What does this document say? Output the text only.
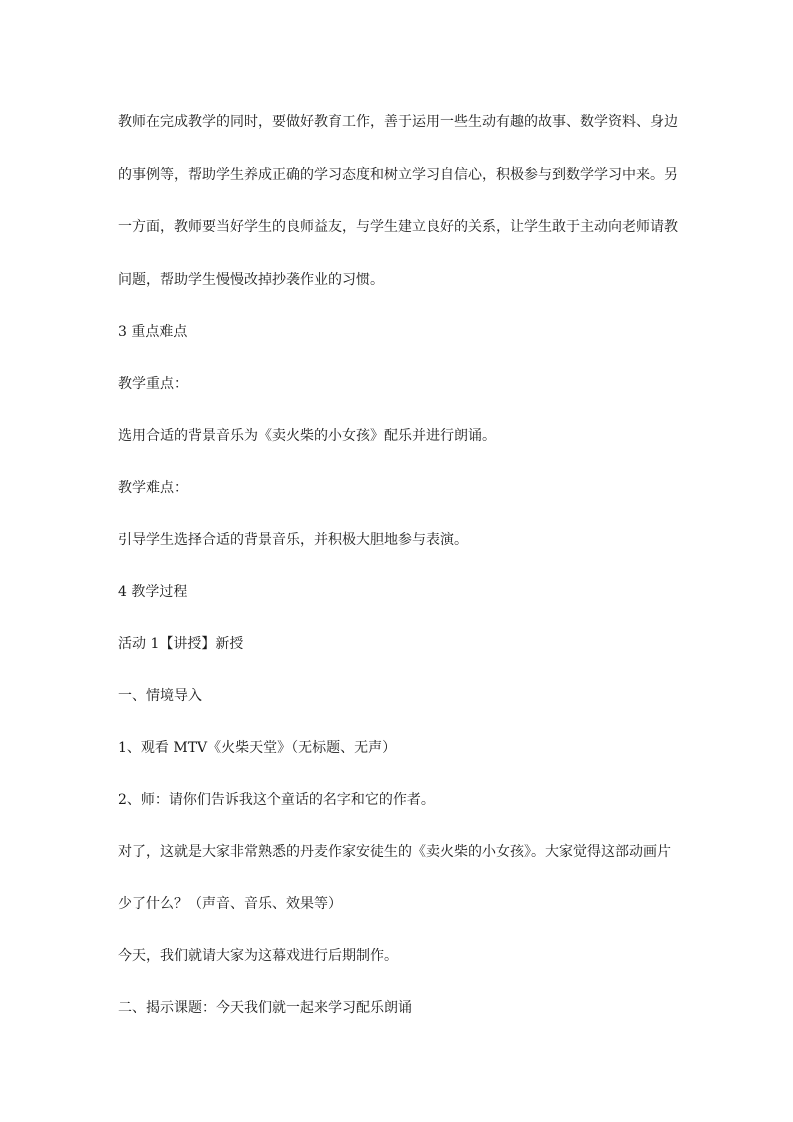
教师在完成教学的同时，要做好教育工作，善于运用一些生动有趣的故事、数学资料、身边

的事例等，帮助学生养成正确的学习态度和树立学习自信心，积极参与到数学学习中来。另

一方面，教师要当好学生的良师益友，与学生建立良好的关系，让学生敢于主动向老师请教

问题，帮助学生慢慢改掉抄袭作业的习惯。

3 重点难点

教学重点：

选用合适的背景音乐为《卖火柴的小女孩》配乐并进行朗诵。

教学难点：

引导学生选择合适的背景音乐，并积极大胆地参与表演。

4 教学过程

活动 1【讲授】新授

一、情境导入

1、观看 MTV《火柴天堂》（无标题、无声）

2、师：请你们告诉我这个童话的名字和它的作者。

对了，这就是大家非常熟悉的丹麦作家安徒生的《卖火柴的小女孩》。大家觉得这部动画片

少了什么？（声音、音乐、效果等）

今天，我们就请大家为这幕戏进行后期制作。

二、揭示课题：今天我们就一起来学习配乐朗诵
